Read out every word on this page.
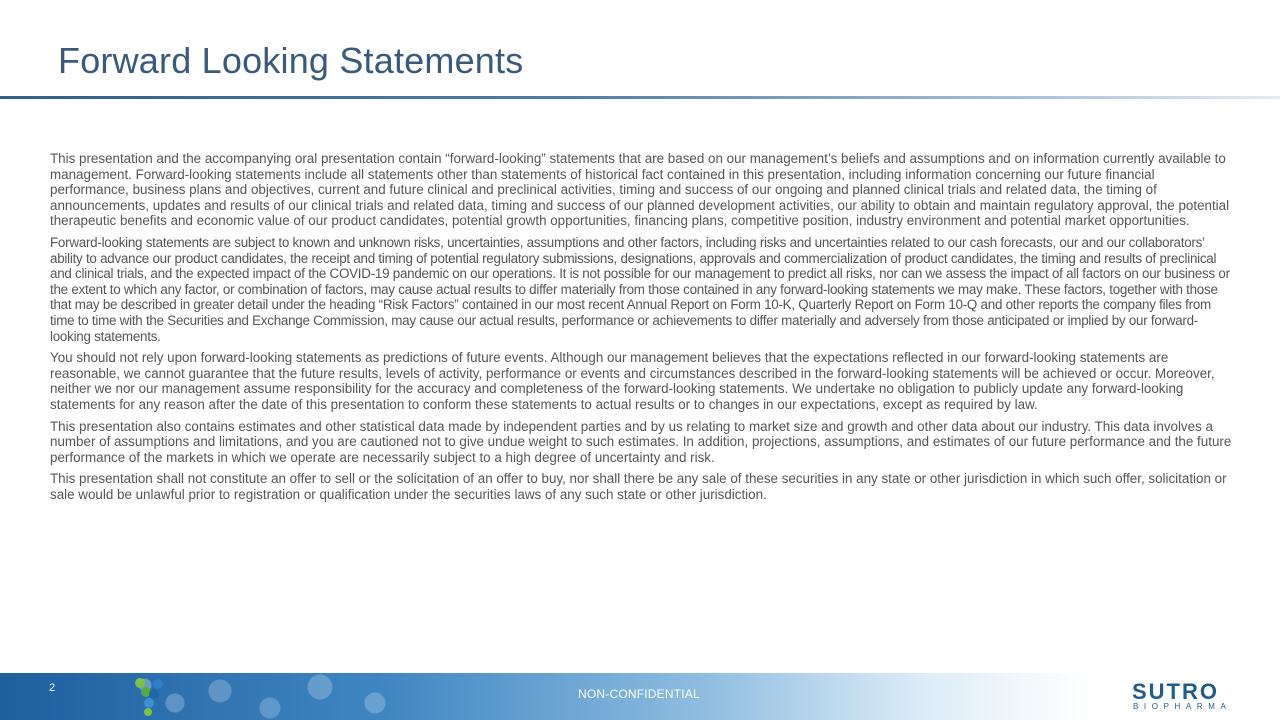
Forward Looking Statements

This presentation and the accompanying oral presentation contain “forward-looking” statements that are based on our management’s beliefs and assumptions and on information currently available to management. Forward-looking statements include all statements other than statements of historical fact contained in this presentation, including information concerning our future financial performance, business plans and objectives, current and future clinical and preclinical activities, timing and success of our ongoing and planned clinical trials and related data, the timing of announcements, updates and results of our clinical trials and related data, timing and success of our planned development activities, our ability to obtain and maintain regulatory approval, the potential therapeutic benefits and economic value of our product candidates, potential growth opportunities, financing plans, competitive position, industry environment and potential market opportunities.

Forward-looking statements are subject to known and unknown risks, uncertainties, assumptions and other factors, including risks and uncertainties related to our cash forecasts, our and our collaborators’ ability to advance our product candidates, the receipt and timing of potential regulatory submissions, designations, approvals and commercialization of product candidates, the timing and results of preclinical and clinical trials, and the expected impact of the COVID-19 pandemic on our operations. It is not possible for our management to predict all risks, nor can we assess the impact of all factors on our business or the extent to which any factor, or combination of factors, may cause actual results to differ materially from those contained in any forward-looking statements we may make. These factors, together with those that may be described in greater detail under the heading “Risk Factors” contained in our most recent Annual Report on Form 10-K, Quarterly Report on Form 10-Q and other reports the company files from time to time with the Securities and Exchange Commission, may cause our actual results, performance or achievements to differ materially and adversely from those anticipated or implied by our forward-looking statements.

You should not rely upon forward-looking statements as predictions of future events. Although our management believes that the expectations reflected in our forward-looking statements are reasonable, we cannot guarantee that the future results, levels of activity, performance or events and circumstances described in the forward-looking statements will be achieved or occur. Moreover, neither we nor our management assume responsibility for the accuracy and completeness of the forward-looking statements. We undertake no obligation to publicly update any forward-looking statements for any reason after the date of this presentation to conform these statements to actual results or to changes in our expectations, except as required by law.

This presentation also contains estimates and other statistical data made by independent parties and by us relating to market size and growth and other data about our industry. This data involves a number of assumptions and limitations, and you are cautioned not to give undue weight to such estimates. In addition, projections, assumptions, and estimates of our future performance and the future performance of the markets in which we operate are necessarily subject to a high degree of uncertainty and risk.

This presentation shall not constitute an offer to sell or the solicitation of an offer to buy, nor shall there be any sale of these securities in any state or other jurisdiction in which such offer, solicitation or sale would be unlawful prior to registration or qualification under the securities laws of any such state or other jurisdiction.

2	NON-CONFIDENTIAL	SUTRO
BIOPHARMA
